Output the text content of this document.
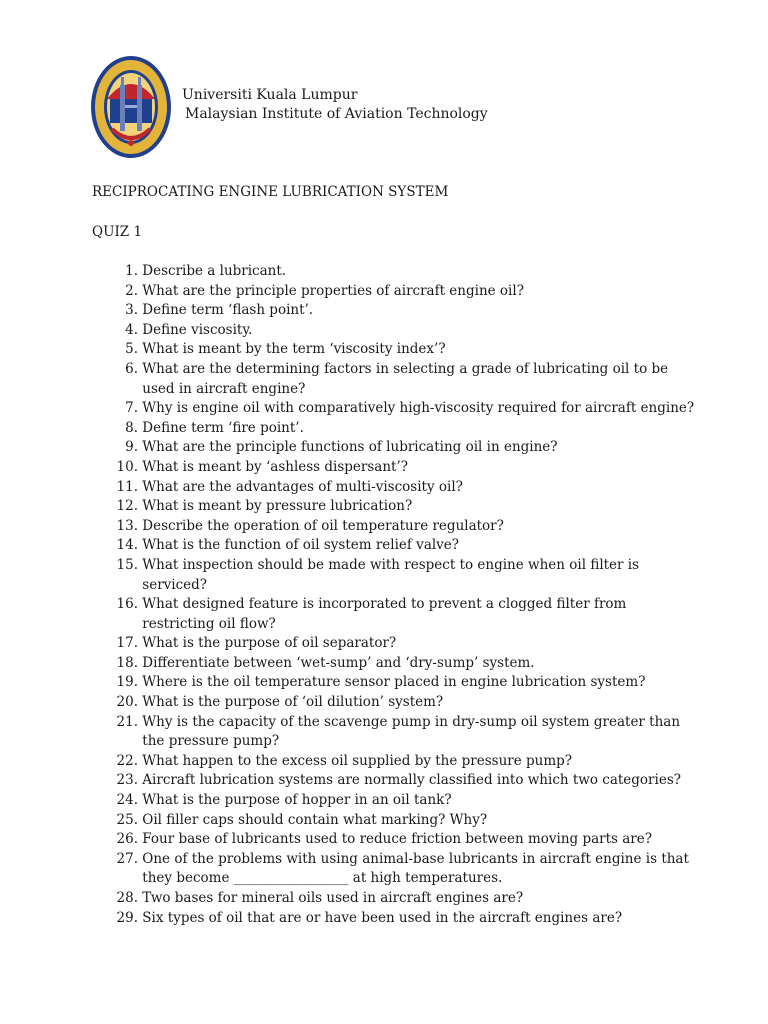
Universiti Kuala Lumpur
Malaysian Institute of Aviation Technology
RECIPROCATING ENGINE LUBRICATION SYSTEM
QUIZ 1
1.
Describe a lubricant.
2.
What are the principle properties of aircraft engine oil?
3.
Define term ‘flash point’.
4.
Define viscosity.
5.
What is meant by the term ‘viscosity index’?
6.
What are the determining factors in selecting a grade of lubricating oil to be used in aircraft engine?
7.
Why is engine oil with comparatively high-viscosity required for aircraft engine?
8.
Define term ‘fire point’.
9.
What are the principle functions of lubricating oil in engine?
10.
What is meant by ‘ashless dispersant’?
11.
What are the advantages of multi-viscosity oil?
12.
What is meant by pressure lubrication?
13.
Describe the operation of oil temperature regulator?
14.
What is the function of oil system relief valve?
15.
What inspection should be made with respect to engine when oil filter is serviced?
16.
What designed feature is incorporated to prevent a clogged filter from restricting oil flow?
17.
What is the purpose of oil separator?
18.
Differentiate between ‘wet-sump’ and ‘dry-sump’ system.
19.
Where is the oil temperature sensor placed in engine lubrication system?
20.
What is the purpose of ‘oil dilution’ system?
21.
Why is the capacity of the scavenge pump in dry-sump oil system greater than the pressure pump?
22.
What happen to the excess oil supplied by the pressure pump?
23.
Aircraft lubrication systems are normally classified into which two categories?
24.
What is the purpose of hopper in an oil tank?
25.
Oil filler caps should contain what marking? Why?
26.
Four base of lubricants used to reduce friction between moving parts are?
27.
One of the problems with using animal-base lubricants in aircraft engine is that they become _________________ at high temperatures.
28.
Two bases for mineral oils used in aircraft engines are?
29.
Six types of oil that are or have been used in the aircraft engines are?
